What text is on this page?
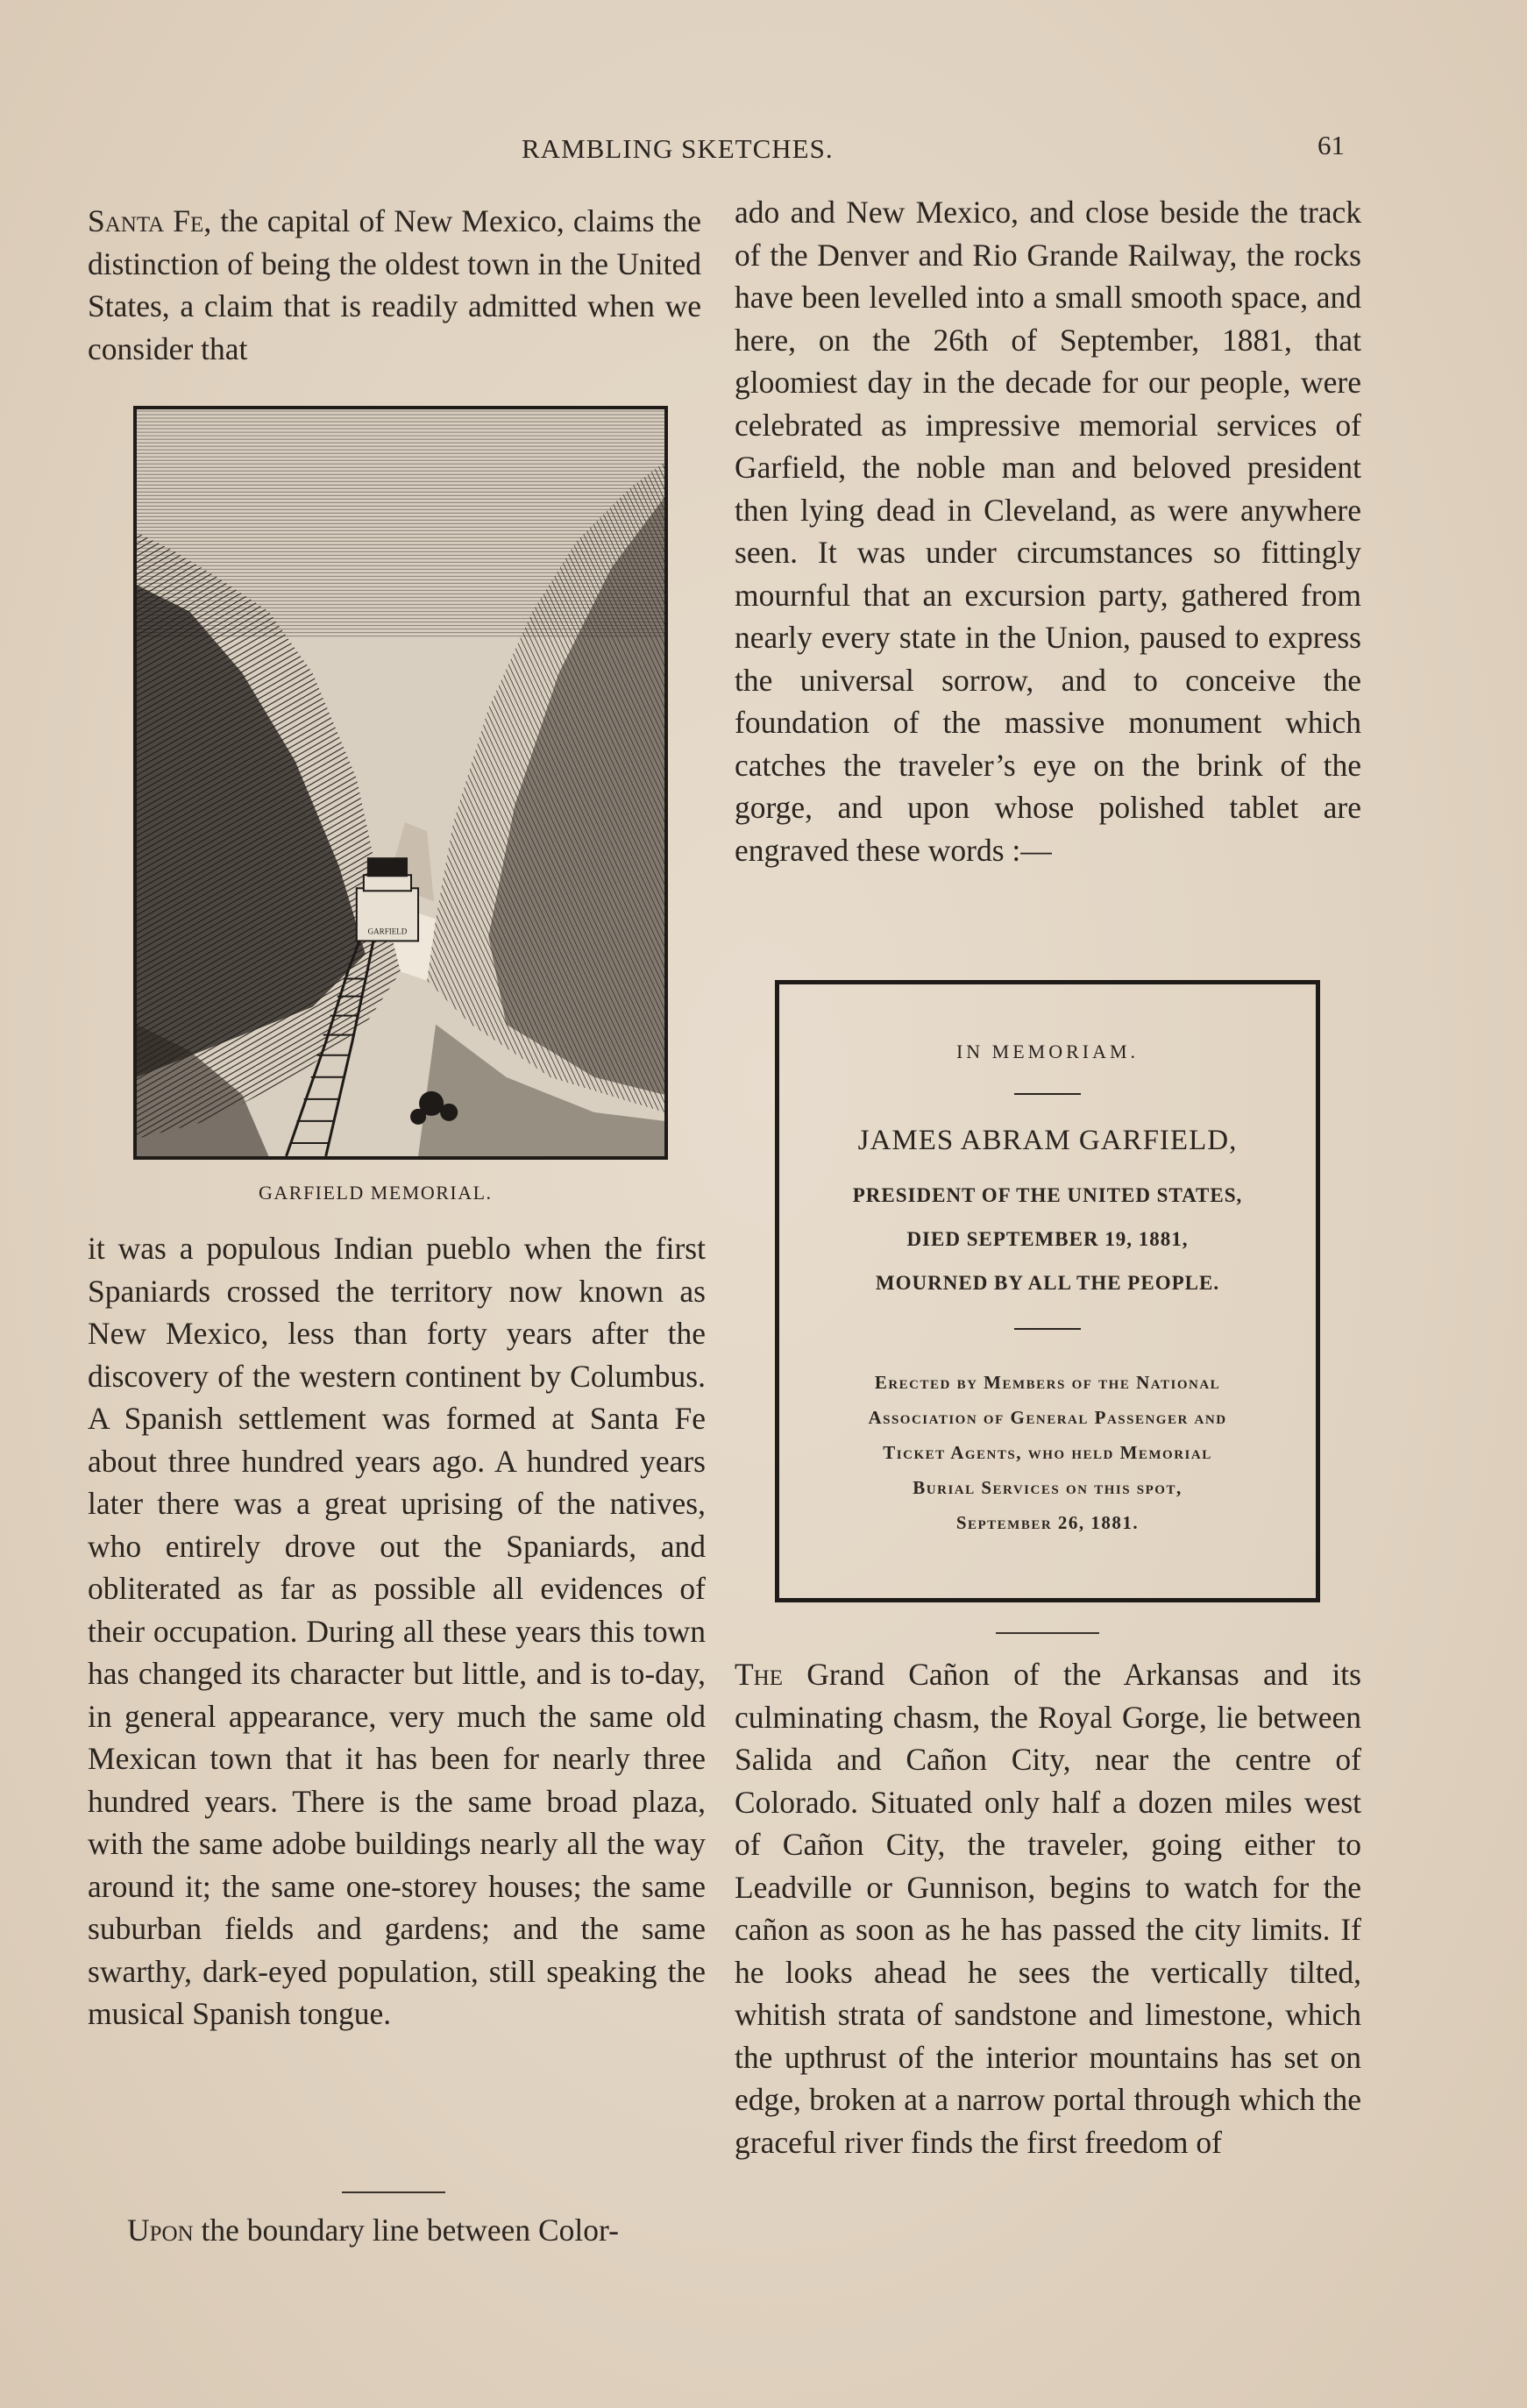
RAMBLING SKETCHES.	61

Santa Fe, the capital of New Mexico, claims the distinction of being the oldest town in the United States, a claim that is readily admitted when we consider that

GARFIELD
GARFIELD MEMORIAL.

it was a populous Indian pueblo when the first Spaniards crossed the territory now known as New Mexico, less than forty years after the discovery of the western continent by Columbus. A Spanish settlement was formed at Santa Fe about three hundred years ago. A hundred years later there was a great uprising of the natives, who entirely drove out the Spaniards, and obliterated as far as possible all evidences of their occupation. During all these years this town has changed its character but little, and is to-day, in general appearance, very much the same old Mexican town that it has been for nearly three hundred years. There is the same broad plaza, with the same adobe buildings nearly all the way around it; the same one-storey houses; the same suburban fields and gardens; and the same swarthy, dark-eyed population, still speaking the musical Spanish tongue.

Upon the boundary line between Color-

ado and New Mexico, and close beside the track of the Denver and Rio Grande Railway, the rocks have been levelled into a small smooth space, and here, on the 26th of September, 1881, that gloomiest day in the decade for our people, were celebrated as impressive memorial services of Garfield, the noble man and beloved president then lying dead in Cleveland, as were anywhere seen. It was under circumstances so fittingly mournful that an excursion party, gathered from nearly every state in the Union, paused to express the universal sorrow, and to conceive the foundation of the massive monument which catches the traveler’s eye on the brink of the gorge, and upon whose polished tablet are engraved these words :—

IN MEMORIAM.
JAMES ABRAM GARFIELD,
PRESIDENT OF THE UNITED STATES,
DIED SEPTEMBER 19, 1881,
MOURNED BY ALL THE PEOPLE.
Erected by Members of the National
Association of General Passenger and
Ticket Agents, who held Memorial
Burial Services on this spot,
September 26, 1881.

The Grand Cañon of the Arkansas and its culminating chasm, the Royal Gorge, lie between Salida and Cañon City, near the centre of Colorado. Situated only half a dozen miles west of Cañon City, the traveler, going either to Leadville or Gunnison, begins to watch for the cañon as soon as he has passed the city limits. If he looks ahead he sees the vertically tilted, whitish strata of sandstone and limestone, which the upthrust of the interior mountains has set on edge, broken at a narrow portal through which the graceful river finds the first freedom of
